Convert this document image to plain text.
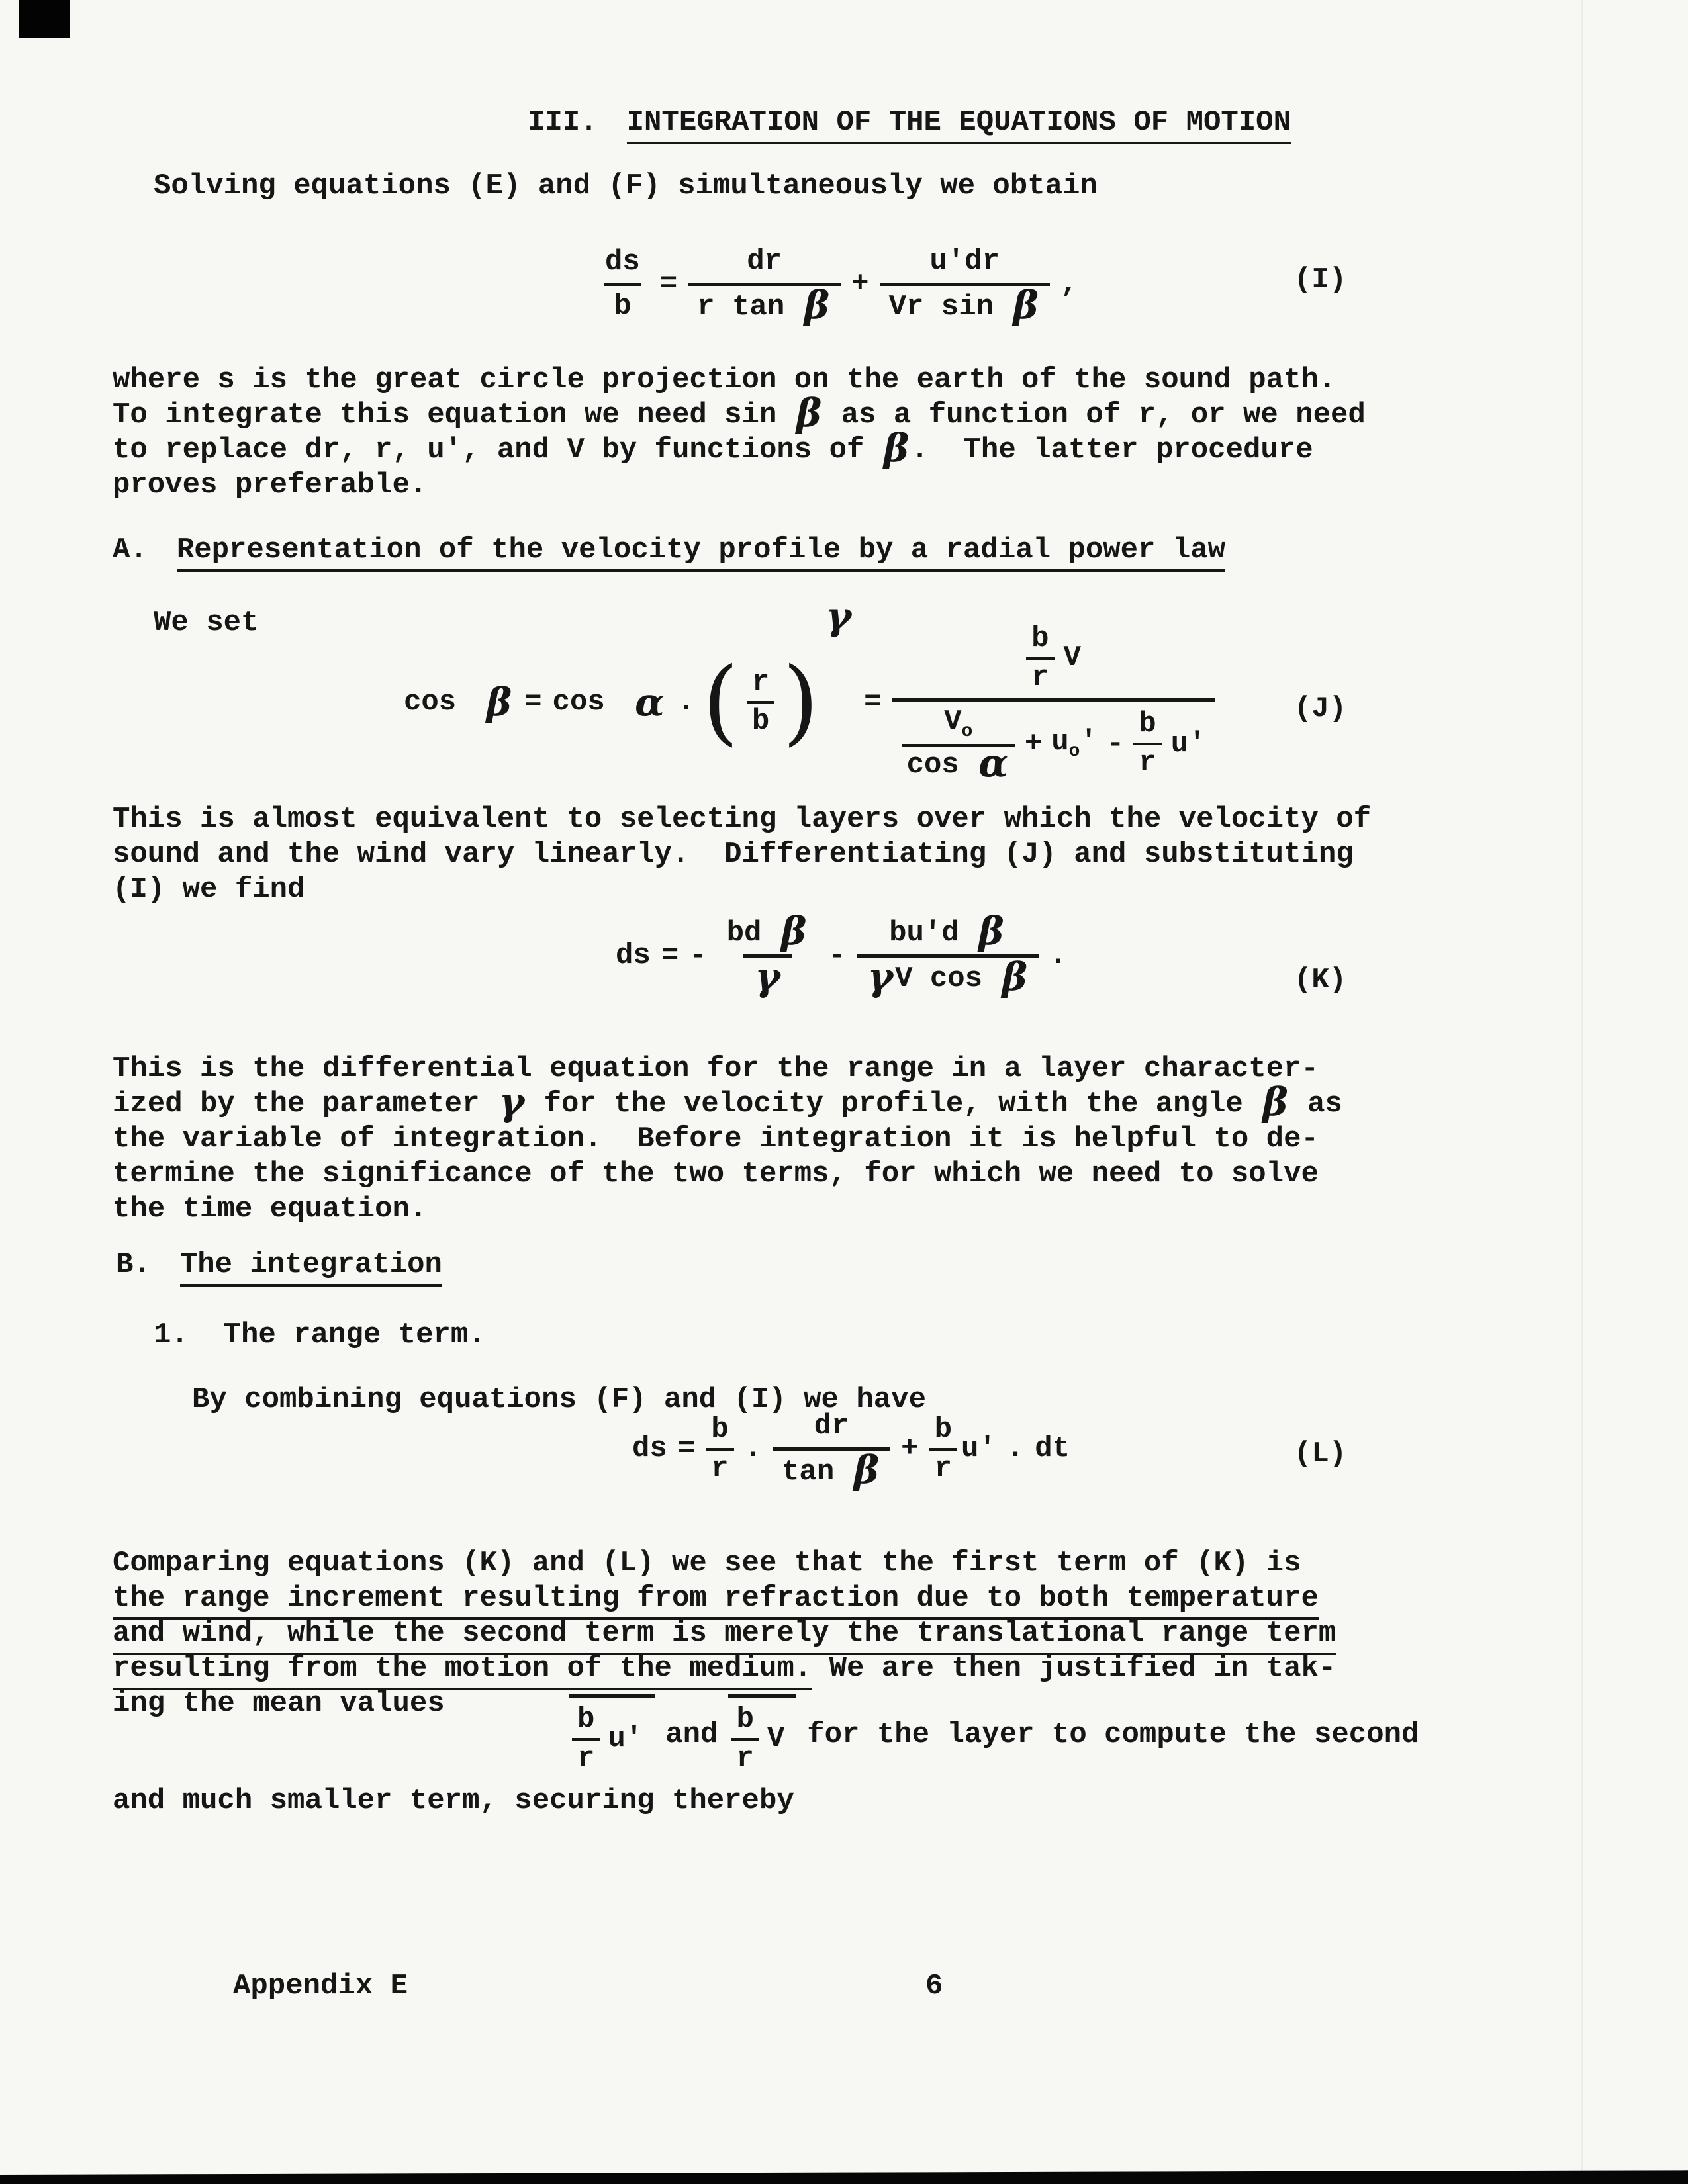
III. INTEGRATION OF THE EQUATIONS OF MOTION
Solving equations (E) and (F) simultaneously we obtain
$\frac{ds}{b} = \frac{dr}{\text{r tan β}} + \frac{u'dr}{\text{Vr sin β}}$ ,	(I)
where s is the great circle projection on the earth of the sound path.
To integrate this equation we need sin β as a function of r, or we need
to replace dr, r, u', and V by functions of β.  The latter procedure
proves preferable.
A. Representation of the velocity profile by a radial power law
We set
cos β = cos α . ( $\frac{r}{b}$ )
γ
=
$\frac{b}{r}$ V
$\frac{V_o}{\text{cos α}} + u_o' - \frac{b}{r} u'$
(J)
This is almost equivalent to selecting layers over which the velocity of
sound and the wind vary linearly.  Differentiating (J) and substituting
(I) we find
ds = - $\frac{\text{bd β}}{\gamma} - \frac{\text{bu'd β}}{\text{γV cos β}}$ .
(K)
This is the differential equation for the range in a layer character-
ized by the parameter γ for the velocity profile, with the angle β as
the variable of integration.  Before integration it is helpful to de-
termine the significance of the two terms, for which we need to solve
the time equation.
B. The integration
1.  The range term.
By combining equations (F) and (I) we have
ds = $\frac{b}{r}$ . $\frac{dr}{\text{tan β}} + \frac{b}{r} u'$ . dt	(L)
Comparing equations (K) and (L) we see that the first term of (K) is
the range increment resulting from refraction due to both temperature
and wind, while the second term is merely the translational range term
resulting from the motion of the medium. We are then justified in tak-
ing the mean values	$\frac{b}{r} u'$ and $\frac{b}{r}$ V for the layer to compute the second
and much smaller term, securing thereby
Appendix E	6
